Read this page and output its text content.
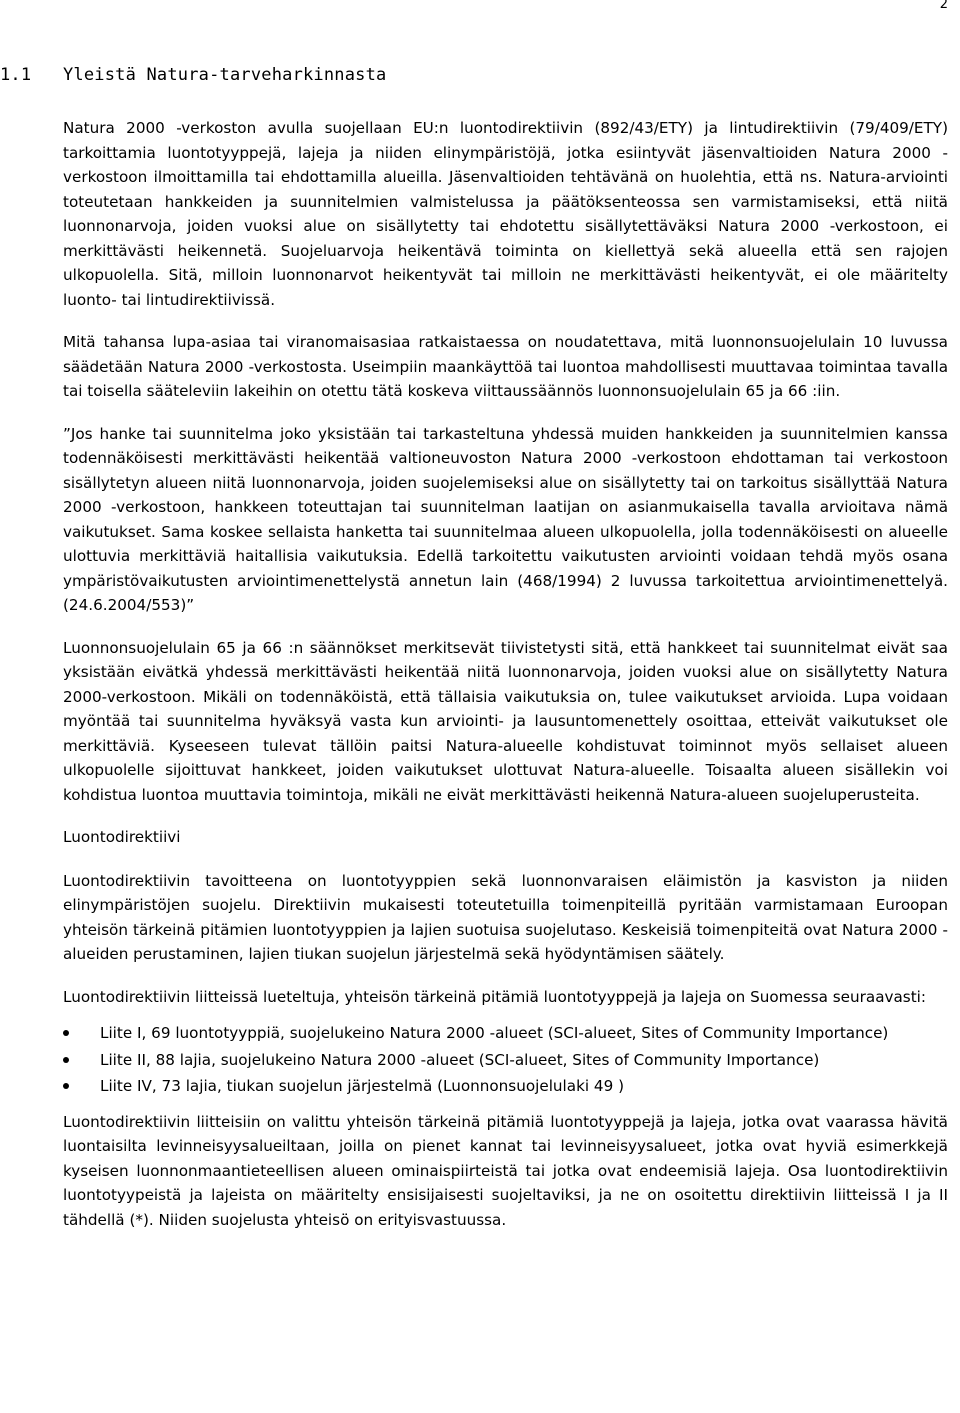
2
1.1 Yleistä Natura-tarveharkinnasta

Natura 2000 -verkoston avulla suojellaan EU:n luontodirektiivin (892/43/ETY) ja lintudirektiivin (79/409/ETY) tarkoittamia luontotyyppejä, lajeja ja niiden elinympäristöjä, jotka esiintyvät jäsenvaltioiden Natura 2000 -verkostoon ilmoittamilla tai ehdottamilla alueilla. Jäsenvaltioiden tehtävänä on huolehtia, että ns. Natura-arviointi toteutetaan hankkeiden ja suunnitelmien valmistelussa ja päätöksenteossa sen varmistamiseksi, että niitä luonnonarvoja, joiden vuoksi alue on sisällytetty tai ehdotettu sisällytettäväksi Natura 2000 -verkostoon, ei merkittävästi heikennetä. Suojeluarvoja heikentävä toiminta on kiellettyä sekä alueella että sen rajojen ulkopuolella. Sitä, milloin luonnonarvot heikentyvät tai milloin ne merkittävästi heikentyvät, ei ole määritelty luonto- tai lintudirektiivissä.

Mitä tahansa lupa-asiaa tai viranomaisasiaa ratkaistaessa on noudatettava, mitä luonnonsuojelulain 10 luvussa säädetään Natura 2000 -verkostosta. Useimpiin maankäyttöä tai luontoa mahdollisesti muuttavaa toimintaa tavalla tai toisella sääteleviin lakeihin on otettu tätä koskeva viittaussäännös luonnonsuojelulain 65 ja 66 :iin.

”Jos hanke tai suunnitelma joko yksistään tai tarkasteltuna yhdessä muiden hankkeiden ja suunnitelmien kanssa todennäköisesti merkittävästi heikentää valtioneuvoston Natura 2000 -verkostoon ehdottaman tai verkostoon sisällytetyn alueen niitä luonnonarvoja, joiden suojelemiseksi alue on sisällytetty tai on tarkoitus sisällyttää Natura 2000 -verkostoon, hankkeen toteuttajan tai suunnitelman laatijan on asianmukaisella tavalla arvioitava nämä vaikutukset. Sama koskee sellaista hanketta tai suunnitelmaa alueen ulkopuolella, jolla todennäköisesti on alueelle ulottuvia merkittäviä haitallisia vaikutuksia. Edellä tarkoitettu vaikutusten arviointi voidaan tehdä myös osana ympäristövaikutusten arviointimenettelystä annetun lain (468/1994) 2 luvussa tarkoitettua arviointimenettelyä. (24.6.2004/553)”

Luonnonsuojelulain 65 ja 66 :n säännökset merkitsevät tiivistetysti sitä, että hankkeet tai suunnitelmat eivät saa yksistään eivätkä yhdessä merkittävästi heikentää niitä luonnonarvoja, joiden vuoksi alue on sisällytetty Natura 2000-verkostoon. Mikäli on todennäköistä, että tällaisia vaikutuksia on, tulee vaikutukset arvioida. Lupa voidaan myöntää tai suunnitelma hyväksyä vasta kun arviointi- ja lausuntomenettely osoittaa, etteivät vaikutukset ole merkittäviä. Kyseeseen tulevat tällöin paitsi Natura-alueelle kohdistuvat toiminnot myös sellaiset alueen ulkopuolelle sijoittuvat hankkeet, joiden vaikutukset ulottuvat Natura-alueelle. Toisaalta alueen sisällekin voi kohdistua luontoa muuttavia toimintoja, mikäli ne eivät merkittävästi heikennä Natura-alueen suojeluperusteita.

Luontodirektiivi

Luontodirektiivin tavoitteena on luontotyyppien sekä luonnonvaraisen eläimistön ja kasviston ja niiden elinympäristöjen suojelu. Direktiivin mukaisesti toteutetuilla toimenpiteillä pyritään varmistamaan Euroopan yhteisön tärkeinä pitämien luontotyyppien ja lajien suotuisa suojelutaso. Keskeisiä toimenpiteitä ovat Natura 2000 -alueiden perustaminen, lajien tiukan suojelun järjestelmä sekä hyödyntämisen säätely.

Luontodirektiivin liitteissä lueteltuja, yhteisön tärkeinä pitämiä luontotyyppejä ja lajeja on Suomessa seuraavasti:

Liite I, 69 luontotyyppiä, suojelukeino Natura 2000 -alueet (SCI-alueet, Sites of Community Importance)
Liite II, 88 lajia, suojelukeino Natura 2000 -alueet (SCI-alueet, Sites of Community Importance)
Liite IV, 73 lajia, tiukan suojelun järjestelmä (Luonnonsuojelulaki 49 )

Luontodirektiivin liitteisiin on valittu yhteisön tärkeinä pitämiä luontotyyppejä ja lajeja, jotka ovat vaarassa hävitä luontaisilta levinneisyysalueiltaan, joilla on pienet kannat tai levinneisyysalueet, jotka ovat hyviä esimerkkejä kyseisen luonnonmaantieteellisen alueen ominaispiirteistä tai jotka ovat endeemisiä lajeja. Osa luontodirektiivin luontotyypeistä ja lajeista on määritelty ensisijaisesti suojeltaviksi, ja ne on osoitettu direktiivin liitteissä I ja II tähdellä (*). Niiden suojelusta yhteisö on erityisvastuussa.
